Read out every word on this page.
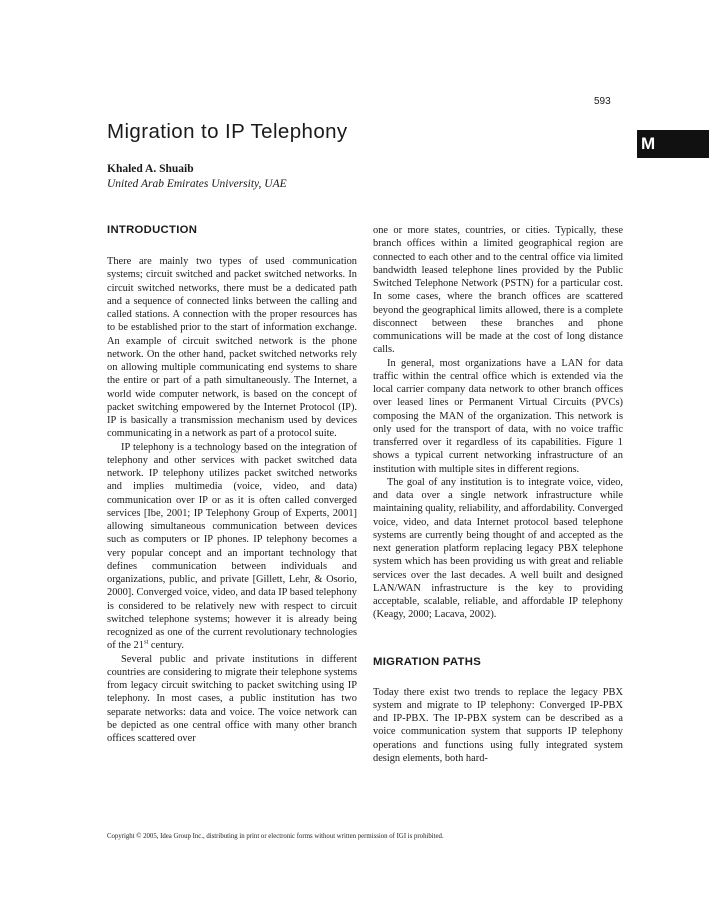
593
Migration to IP Telephony
M
Khaled A. Shuaib
United Arab Emirates University, UAE
INTRODUCTION

There are mainly two types of used communication systems; circuit switched and packet switched networks. In circuit switched networks, there must be a dedicated path and a sequence of connected links between the calling and called stations. A connection with the proper resources has to be established prior to the start of information exchange. An example of circuit switched network is the phone network. On the other hand, packet switched networks rely on allowing multiple communicating end systems to share the entire or part of a path simultaneously. The Internet, a world wide computer network, is based on the concept of packet switching empowered by the Internet Protocol (IP). IP is basically a transmission mechanism used by devices communicating in a network as part of a protocol suite.

IP telephony is a technology based on the integration of telephony and other services with packet switched data network. IP telephony utilizes packet switched networks and implies multimedia (voice, video, and data) communication over IP or as it is often called converged services [Ibe, 2001; IP Telephony Group of Experts, 2001] allowing simultaneous communication between devices such as computers or IP phones. IP telephony becomes a very popular concept and an important technology that defines communication between individuals and organizations, public, and private [Gillett, Lehr, & Osorio, 2000]. Converged voice, video, and data IP based telephony is considered to be relatively new with respect to circuit switched telephone systems; however it is already being recognized as one of the current revolutionary technologies of the 21st century.

Several public and private institutions in different countries are considering to migrate their telephone systems from legacy circuit switching to packet switching using IP telephony. In most cases, a public institution has two separate networks: data and voice. The voice network can be depicted as one central office with many other branch offices scattered over

one or more states, countries, or cities. Typically, these branch offices within a limited geographical region are connected to each other and to the central office via limited bandwidth leased telephone lines provided by the Public Switched Telephone Network (PSTN) for a particular cost. In some cases, where the branch offices are scattered beyond the geographical limits allowed, there is a complete disconnect between these branches and phone communications will be made at the cost of long distance calls.

In general, most organizations have a LAN for data traffic within the central office which is extended via the local carrier company data network to other branch offices over leased lines or Permanent Virtual Circuits (PVCs) composing the MAN of the organization. This network is only used for the transport of data, with no voice traffic transferred over it regardless of its capabilities. Figure 1 shows a typical current networking infrastructure of an institution with multiple sites in different regions.

The goal of any institution is to integrate voice, video, and data over a single network infrastructure while maintaining quality, reliability, and affordability. Converged voice, video, and data Internet protocol based telephone systems are currently being thought of and accepted as the next generation platform replacing legacy PBX telephone system which has been providing us with great and reliable services over the last decades. A well built and designed LAN/WAN infrastructure is the key to providing acceptable, scalable, reliable, and affordable IP telephony (Keagy, 2000; Lacava, 2002).

MIGRATION PATHS

Today there exist two trends to replace the legacy PBX system and migrate to IP telephony: Converged IP-PBX and IP-PBX. The IP-PBX system can be described as a voice communication system that supports IP telephony operations and functions using fully integrated system design elements, both hard-

Copyright © 2005, Idea Group Inc., distributing in print or electronic forms without written permission of IGI is prohibited.
